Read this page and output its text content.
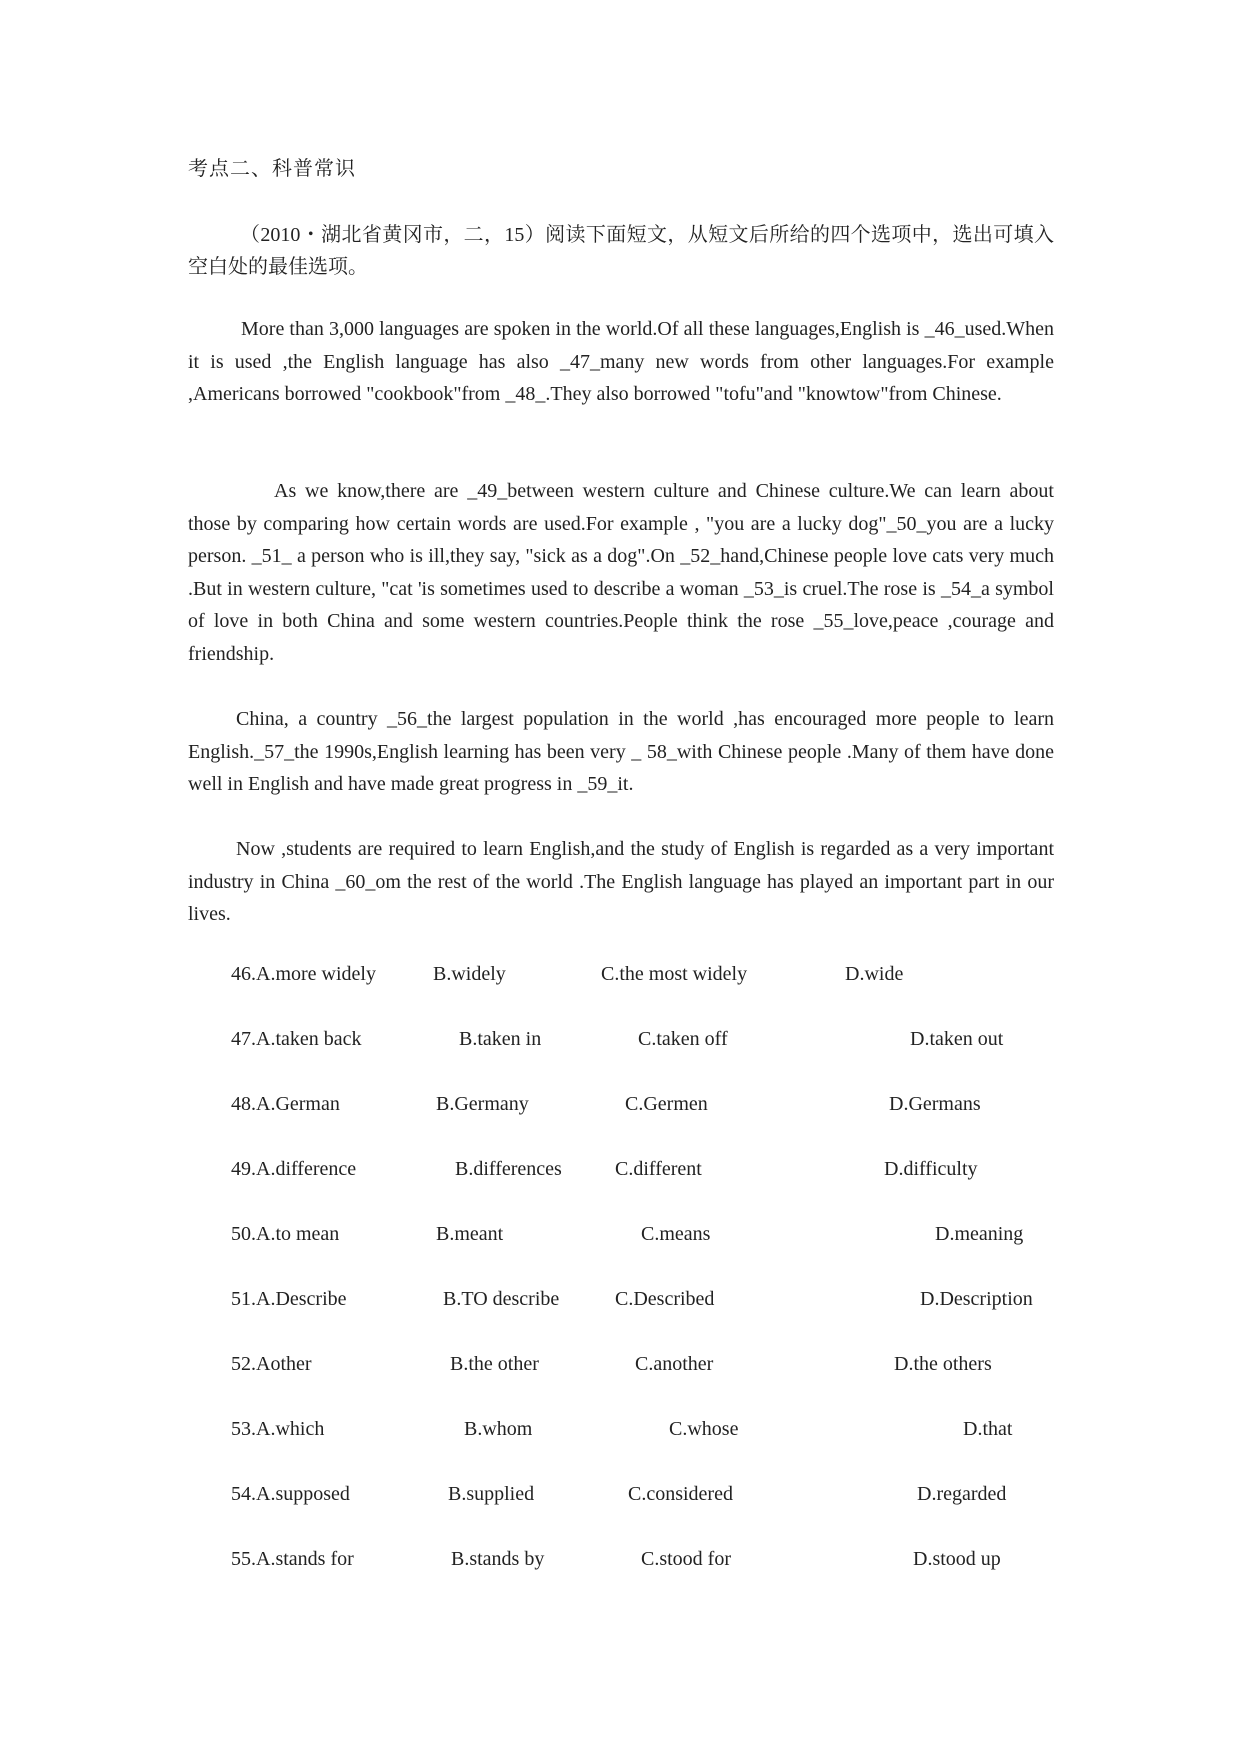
考点二、科普常识
（2010・湖北省黄冈市，二，15）阅读下面短文，从短文后所给的四个选项中，选出可填入空白处的最佳选项。
More than 3,000 languages are spoken in the world.Of all these languages,English is _46_used.When it is used ,the English language has also _47_many new words from other languages.For example ,Americans borrowed "cookbook"from _48_.They also borrowed "tofu"and "knowtow"from Chinese.
As we know,there are _49_between western culture and Chinese culture.We can learn about those by comparing how certain words are used.For example , "you are a lucky dog"_50_you are a lucky person. _51_ a person who is ill,they say, "sick as a dog".On _52_hand,Chinese people love cats very much .But in western culture, "cat 'is sometimes used to describe a woman _53_is cruel.The rose is _54_a symbol of love in both China and some western countries.People think the rose _55_love,peace ,courage and friendship.
China, a country _56_the largest population in the world ,has encouraged more people to learn English._57_the 1990s,English learning has been very _ 58_with Chinese people .Many of them have done well in English and have made great progress in _59_it.
Now ,students are required to learn English,and the study of English is regarded as a very important industry in China _60_om the rest of the world .The English language has played an important part in our lives.
46.A.more widely	B.widely	C.the most widely	D.wide
47.A.taken back	B.taken in	C.taken off	D.taken out
48.A.German	B.Germany	C.Germen	D.Germans
49.A.difference	B.differences	C.different	D.difficulty
50.A.to mean	B.meant	C.means	D.meaning
51.A.Describe	B.TO describe	C.Described	D.Description
52.Aother	B.the other	C.another	D.the others
53.A.which	B.whom	C.whose	D.that
54.A.supposed	B.supplied	C.considered	D.regarded
55.A.stands for	B.stands by	C.stood for	D.stood up
